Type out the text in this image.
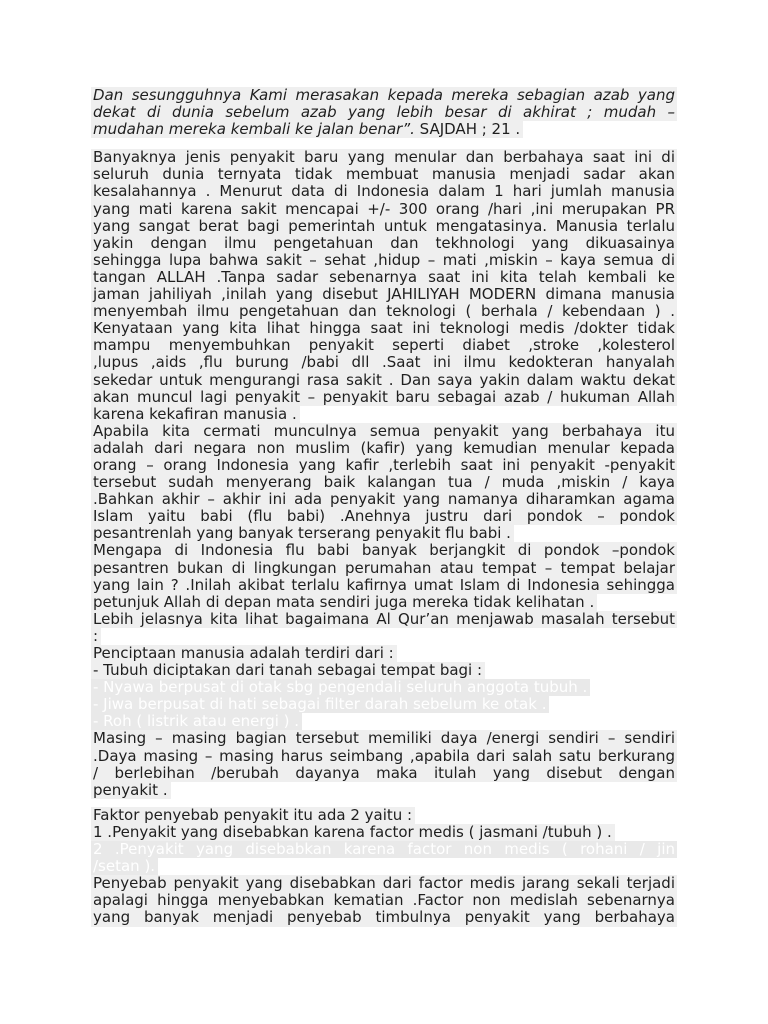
Dan sesungguhnya Kami merasakan kepada mereka sebagian azab yang
dekat di dunia sebelum azab yang lebih besar di akhirat ; mudah –
mudahan mereka kembali ke jalan benar”. SAJDAH ; 21 .
Banyaknya jenis penyakit baru yang menular dan berbahaya saat ini di
seluruh dunia ternyata tidak membuat manusia menjadi sadar akan
kesalahannya . Menurut data di Indonesia dalam 1 hari jumlah manusia
yang mati karena sakit mencapai +/- 300 orang /hari ,ini merupakan PR
yang sangat berat bagi pemerintah untuk mengatasinya. Manusia terlalu
yakin dengan ilmu pengetahuan dan tekhnologi yang dikuasainya
sehingga lupa bahwa sakit – sehat ,hidup – mati ,miskin – kaya semua di
tangan ALLAH .Tanpa sadar sebenarnya saat ini kita telah kembali ke
jaman jahiliyah ,inilah yang disebut JAHILIYAH MODERN dimana manusia
menyembah ilmu pengetahuan dan teknologi ( berhala / kebendaan ) .
Kenyataan yang kita lihat hingga saat ini teknologi medis /dokter tidak
mampu menyembuhkan penyakit seperti diabet ,stroke ,kolesterol
,lupus ,aids ,flu burung /babi dll .Saat ini ilmu kedokteran hanyalah
sekedar untuk mengurangi rasa sakit . Dan saya yakin dalam waktu dekat
akan muncul lagi penyakit – penyakit baru sebagai azab / hukuman Allah
karena kekafiran manusia .
Apabila kita cermati munculnya semua penyakit yang berbahaya itu
adalah dari negara non muslim (kafir) yang kemudian menular kepada
orang – orang Indonesia yang kafir ,terlebih saat ini penyakit -penyakit
tersebut sudah menyerang baik kalangan tua / muda ,miskin / kaya
.Bahkan akhir – akhir ini ada penyakit yang namanya diharamkan agama
Islam yaitu babi (flu babi) .Anehnya justru dari pondok – pondok
pesantrenlah yang banyak terserang penyakit flu babi .
Mengapa di Indonesia flu babi banyak berjangkit di pondok –pondok
pesantren bukan di lingkungan perumahan atau tempat – tempat belajar
yang lain ? .Inilah akibat terlalu kafirnya umat Islam di Indonesia sehingga
petunjuk Allah di depan mata sendiri juga mereka tidak kelihatan .
Lebih jelasnya kita lihat bagaimana Al Qur’an menjawab masalah tersebut
:
Penciptaan manusia adalah terdiri dari :
- Tubuh diciptakan dari tanah sebagai tempat bagi :
- Nyawa berpusat di otak sbg pengendali seluruh anggota tubuh .
- Jiwa berpusat di hati sebagai filter darah sebelum ke otak .
- Roh ( listrik atau energi ) .
Masing – masing bagian tersebut memiliki daya /energi sendiri – sendiri
.Daya masing – masing harus seimbang ,apabila dari salah satu berkurang
/ berlebihan /berubah dayanya maka itulah yang disebut dengan
penyakit .
Faktor penyebab penyakit itu ada 2 yaitu :
1 .Penyakit yang disebabkan karena factor medis ( jasmani /tubuh ) .
2 .Penyakit yang disebabkan karena factor non medis ( rohani / jin
/setan ).
Penyebab penyakit yang disebabkan dari factor medis jarang sekali terjadi
apalagi hingga menyebabkan kematian .Factor non medislah sebenarnya
yang banyak menjadi penyebab timbulnya penyakit yang berbahaya
